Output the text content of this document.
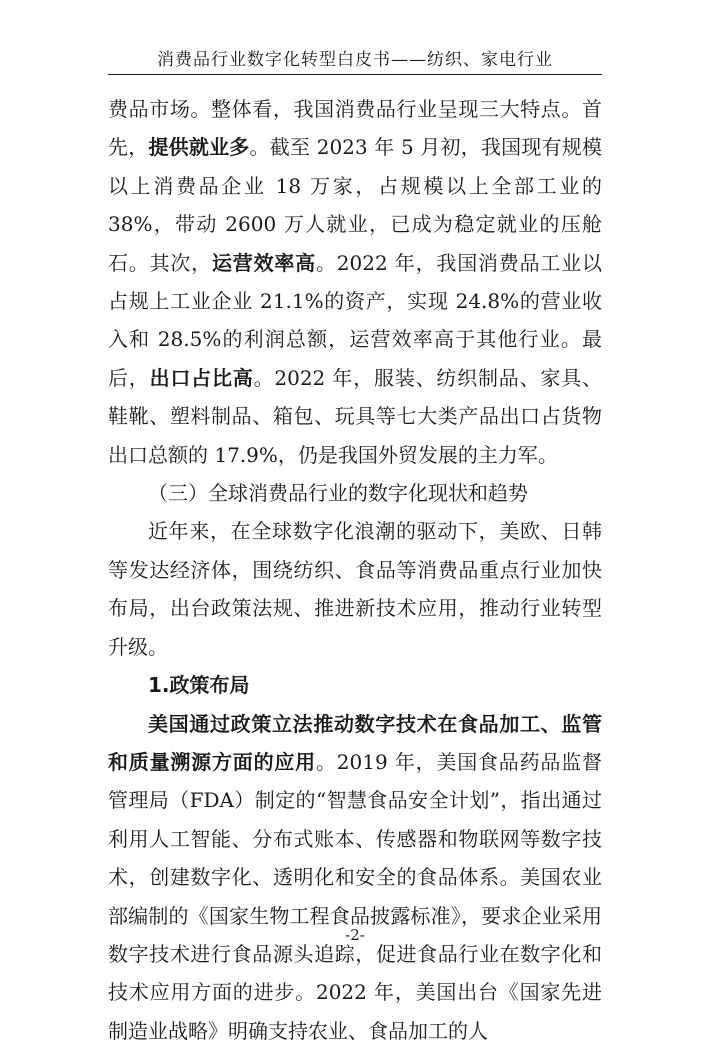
消费品行业数字化转型白皮书——纺织、家电行业

费品市场。整体看，我国消费品行业呈现三大特点。首先，提供就业多。截至 2023 年 5 月初，我国现有规模以上消费品企业 18 万家，占规模以上全部工业的 38%，带动 2600 万人就业，已成为稳定就业的压舱石。其次，运营效率高。2022 年，我国消费品工业以占规上工业企业 21.1%的资产，实现 24.8%的营业收入和 28.5%的利润总额，运营效率高于其他行业。最后，出口占比高。2022 年，服装、纺织制品、家具、鞋靴、塑料制品、箱包、玩具等七大类产品出口占货物出口总额的 17.9%，仍是我国外贸发展的主力军。

（三）全球消费品行业的数字化现状和趋势

近年来，在全球数字化浪潮的驱动下，美欧、日韩等发达经济体，围绕纺织、食品等消费品重点行业加快布局，出台政策法规、推进新技术应用，推动行业转型升级。

1.政策布局

美国通过政策立法推动数字技术在食品加工、监管和质量溯源方面的应用。2019 年，美国食品药品监督管理局（FDA）制定的“智慧食品安全计划”，指出通过利用人工智能、分布式账本、传感器和物联网等数字技术，创建数字化、透明化和安全的食品体系。美国农业部编制的《国家生物工程食品披露标准》，要求企业采用数字技术进行食品源头追踪，促进食品行业在数字化和技术应用方面的进步。2022 年，美国出台《国家先进制造业战略》明确支持农业、食品加工的人

-2-
